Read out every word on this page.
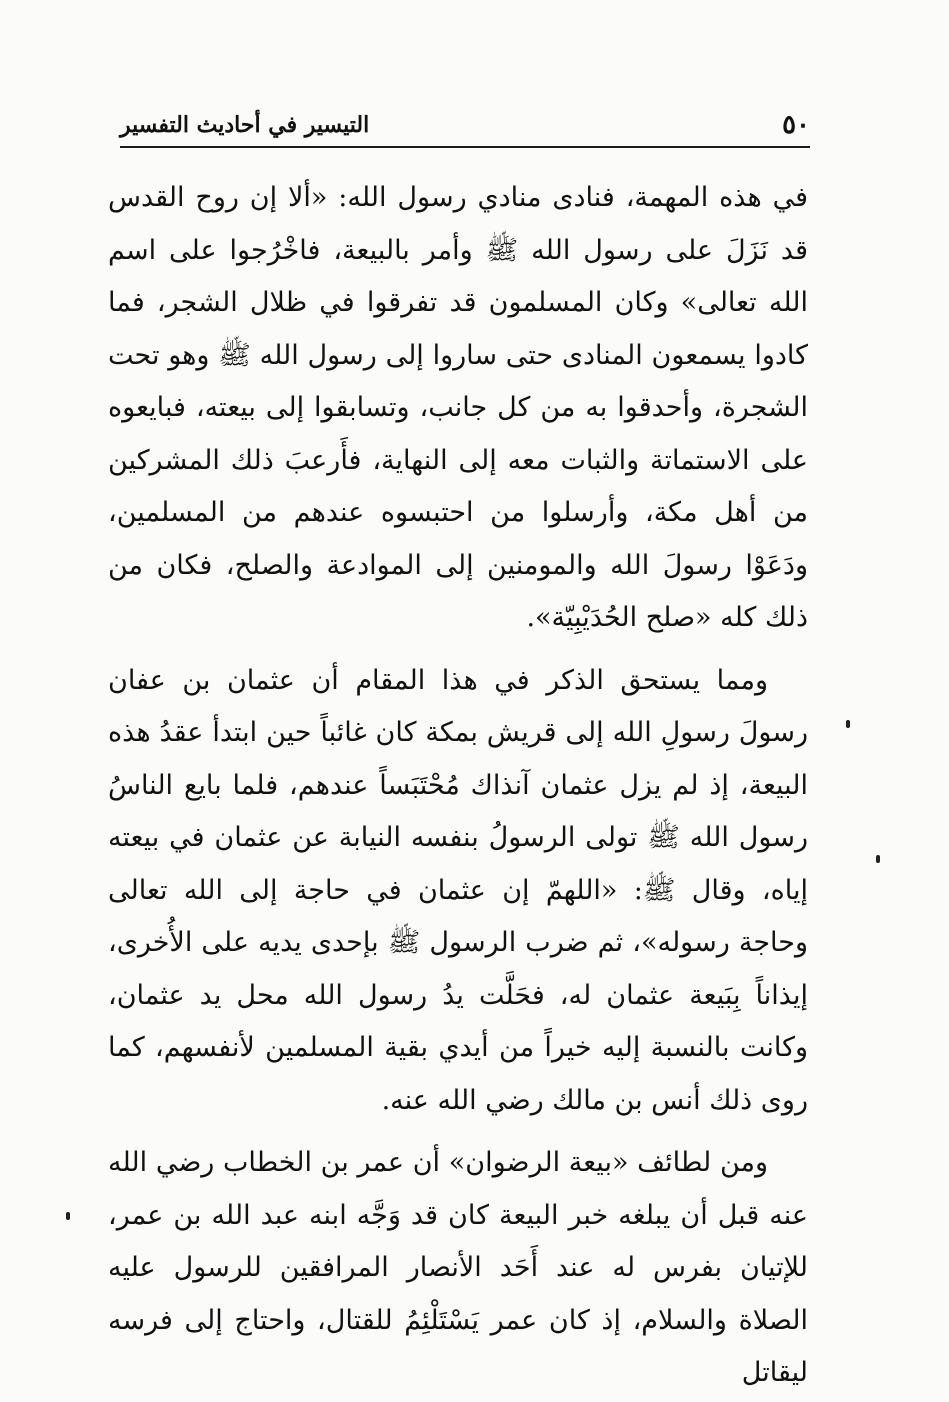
٥٠
التيسير في أحاديث التفسير

في هذه المهمة، فنادى منادي رسول الله: «ألا إن روح القدس قد نَزَلَ على رسول الله ﷺ وأمر بالبيعة، فاخْرُجوا على اسم الله تعالى» وكان المسلمون قد تفرقوا في ظلال الشجر، فما كادوا يسمعون المنادى حتى ساروا إلى رسول الله ﷺ وهو تحت الشجرة، وأحدقوا به من كل جانب، وتسابقوا إلى بيعته، فبايعوه على الاستماتة والثبات معه إلى النهاية، فأَرعبَ ذلك المشركين من أهل مكة، وأرسلوا من احتبسوه عندهم من المسلمين، ودَعَوْا رسولَ الله والمومنين إلى الموادعة والصلح، فكان من ذلك كله «صلح الحُدَيْبِيّة».

ومما يستحق الذكر في هذا المقام أن عثمان بن عفان رسولَ رسولِ الله إلى قريش بمكة كان غائباً حين ابتدأ عقدُ هذه البيعة، إذ لم يزل عثمان آنذاك مُحْتَبَساً عندهم، فلما بايع الناسُ رسول الله ﷺ تولى الرسولُ بنفسه النيابة عن عثمان في بيعته إياه، وقال ﷺ: «اللهمّ إن عثمان في حاجة إلى الله تعالى وحاجة رسوله»، ثم ضرب الرسول ﷺ بإحدى يديه على الأُخرى، إيذاناً بِبَيعة عثمان له، فحَلَّت يدُ رسول الله محل يد عثمان، وكانت بالنسبة إليه خيراً من أيدي بقية المسلمين لأنفسهم، كما روى ذلك أنس بن مالك رضي الله عنه.

ومن لطائف «بيعة الرضوان» أن عمر بن الخطاب رضي الله عنه قبل أن يبلغه خبر البيعة كان قد وَجَّه ابنه عبد الله بن عمر، للإتيان بفرس له عند أَحَد الأنصار المرافقين للرسول عليه الصلاة والسلام، إذ كان عمر يَسْتَلْئِمُ للقتال، واحتاج إلى فرسه ليقاتل
